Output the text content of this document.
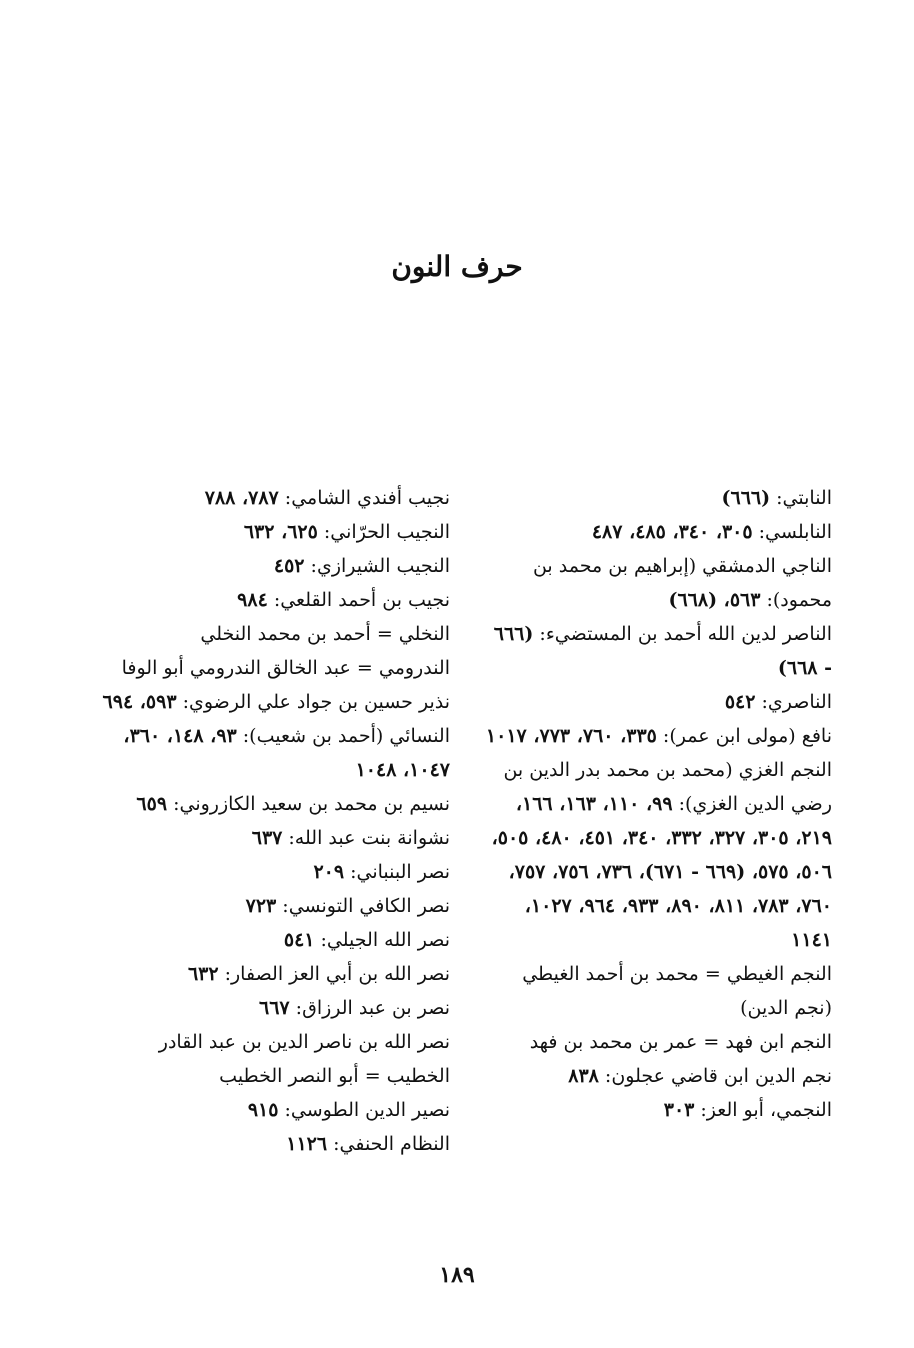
حرف النون
النابتي: (٦٦٦)
النابلسي: ٣٠٥، ٣٤٠، ٤٨٥، ٤٨٧
الناجي الدمشقي (إبراهيم بن محمد بن محمود): ٥٦٣، (٦٦٨)
الناصر لدين الله أحمد بن المستضيء: (٦٦٦ - ٦٦٨)
الناصري: ٥٤٢
نافع (مولى ابن عمر): ٣٣٥، ٧٦٠، ٧٧٣، ١٠١٧
النجم الغزي (محمد بن محمد بدر الدين بن رضي الدين الغزي): ٩٩، ١١٠، ١٦٣، ١٦٦، ٢١٩، ٣٠٥، ٣٢٧، ٣٣٢، ٣٤٠، ٤٥١، ٤٨٠، ٥٠٥، ٥٠٦، ٥٧٥، (٦٦٩ - ٦٧١)، ٧٣٦، ٧٥٦، ٧٥٧، ٧٦٠، ٧٨٣، ٨١١، ٨٩٠، ٩٣٣، ٩٦٤، ١٠٢٧، ١١٤١
النجم الغيطي = محمد بن أحمد الغيطي (نجم الدين)
النجم ابن فهد = عمر بن محمد بن فهد
نجم الدين ابن قاضي عجلون: ٨٣٨
النجمي، أبو العز: ٣٠٣
نجيب أفندي الشامي: ٧٨٧، ٧٨٨
النجيب الحرّاني: ٦٢٥، ٦٣٢
النجيب الشيرازي: ٤٥٢
نجيب بن أحمد القلعي: ٩٨٤
النخلي = أحمد بن محمد النخلي
الندرومي = عبد الخالق الندرومي أبو الوفا
نذير حسين بن جواد علي الرضوي: ٥٩٣، ٦٩٤
النسائي (أحمد بن شعيب): ٩٣، ١٤٨، ٣٦٠، ١٠٤٧، ١٠٤٨
نسيم بن محمد بن سعيد الكازروني: ٦٥٩
نشوانة بنت عبد الله: ٦٣٧
نصر البنباني: ٢٠٩
نصر الكافي التونسي: ٧٢٣
نصر الله الجيلي: ٥٤١
نصر الله بن أبي العز الصفار: ٦٣٢
نصر بن عبد الرزاق: ٦٦٧
نصر الله بن ناصر الدين بن عبد القادر الخطيب = أبو النصر الخطيب
نصير الدين الطوسي: ٩١٥
النظام الحنفي: ١١٢٦
١٨٩
